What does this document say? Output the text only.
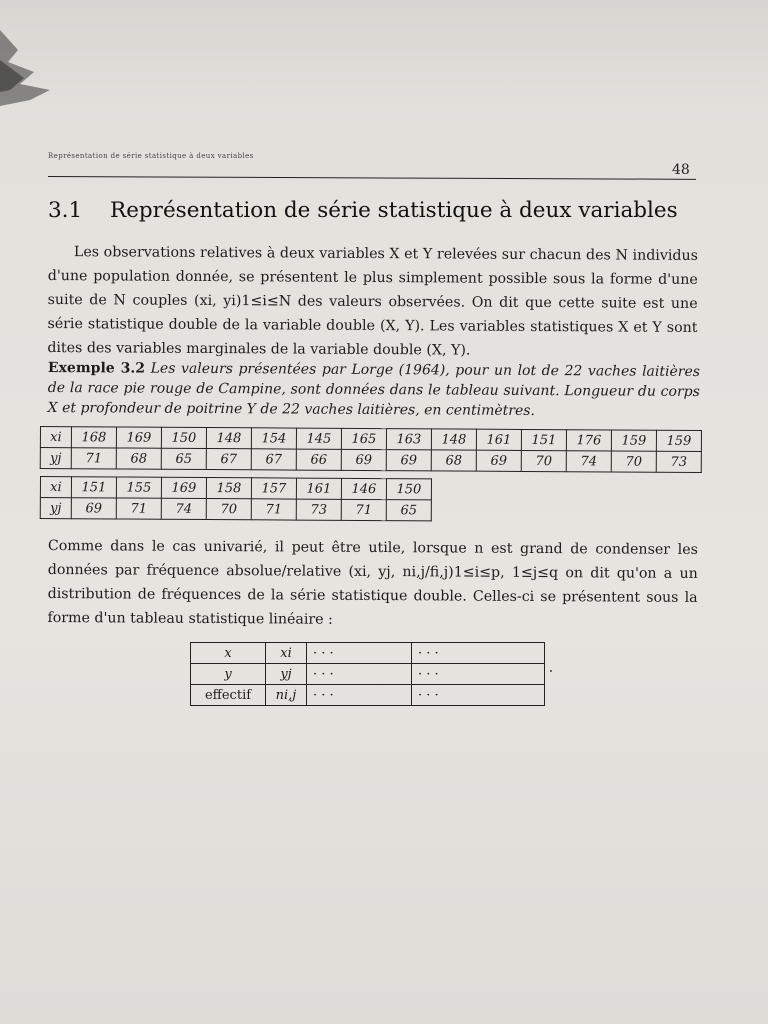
Représentation de série statistique à deux variables
48
3.1 Représentation de série statistique à deux variables
Les observations relatives à deux variables X et Y relevées sur chacun des N individus d'une population donnée, se présentent le plus simplement possible sous la forme d'une suite de N couples (xi, yi)1≤i≤N des valeurs observées. On dit que cette suite est une série statistique double de la variable double (X, Y). Les variables statistiques X et Y sont dites des variables marginales de la variable double (X, Y).
Exemple 3.2 Les valeurs présentées par Lorge (1964), pour un lot de 22 vaches laitières de la race pie rouge de Campine, sont données dans le tableau suivant. Longueur du corps X et profondeur de poitrine Y de 22 vaches laitières, en centimètres.
xi	168	169	150	148	154	145	165	163	148	161	151	176	159	159
yj	71	68	65	67	67	66	69	69	68	69	70	74	70	73
xi	151	155	169	158	157	161	146	150
yj	69	71	74	70	71	73	71	65
Comme dans le cas univarié, il peut être utile, lorsque n est grand de condenser les données par fréquence absolue/relative (xi, yj, ni,j/fi,j)1≤i≤p, 1≤j≤q on dit qu'on a un distribution de fréquences de la série statistique double. Celles-ci se présentent sous la forme d'un tableau statistique linéaire :
x	xi	· · ·	· · ·
y	yj	· · ·	· · ·
effectif	ni,j	· · ·	· · ·
